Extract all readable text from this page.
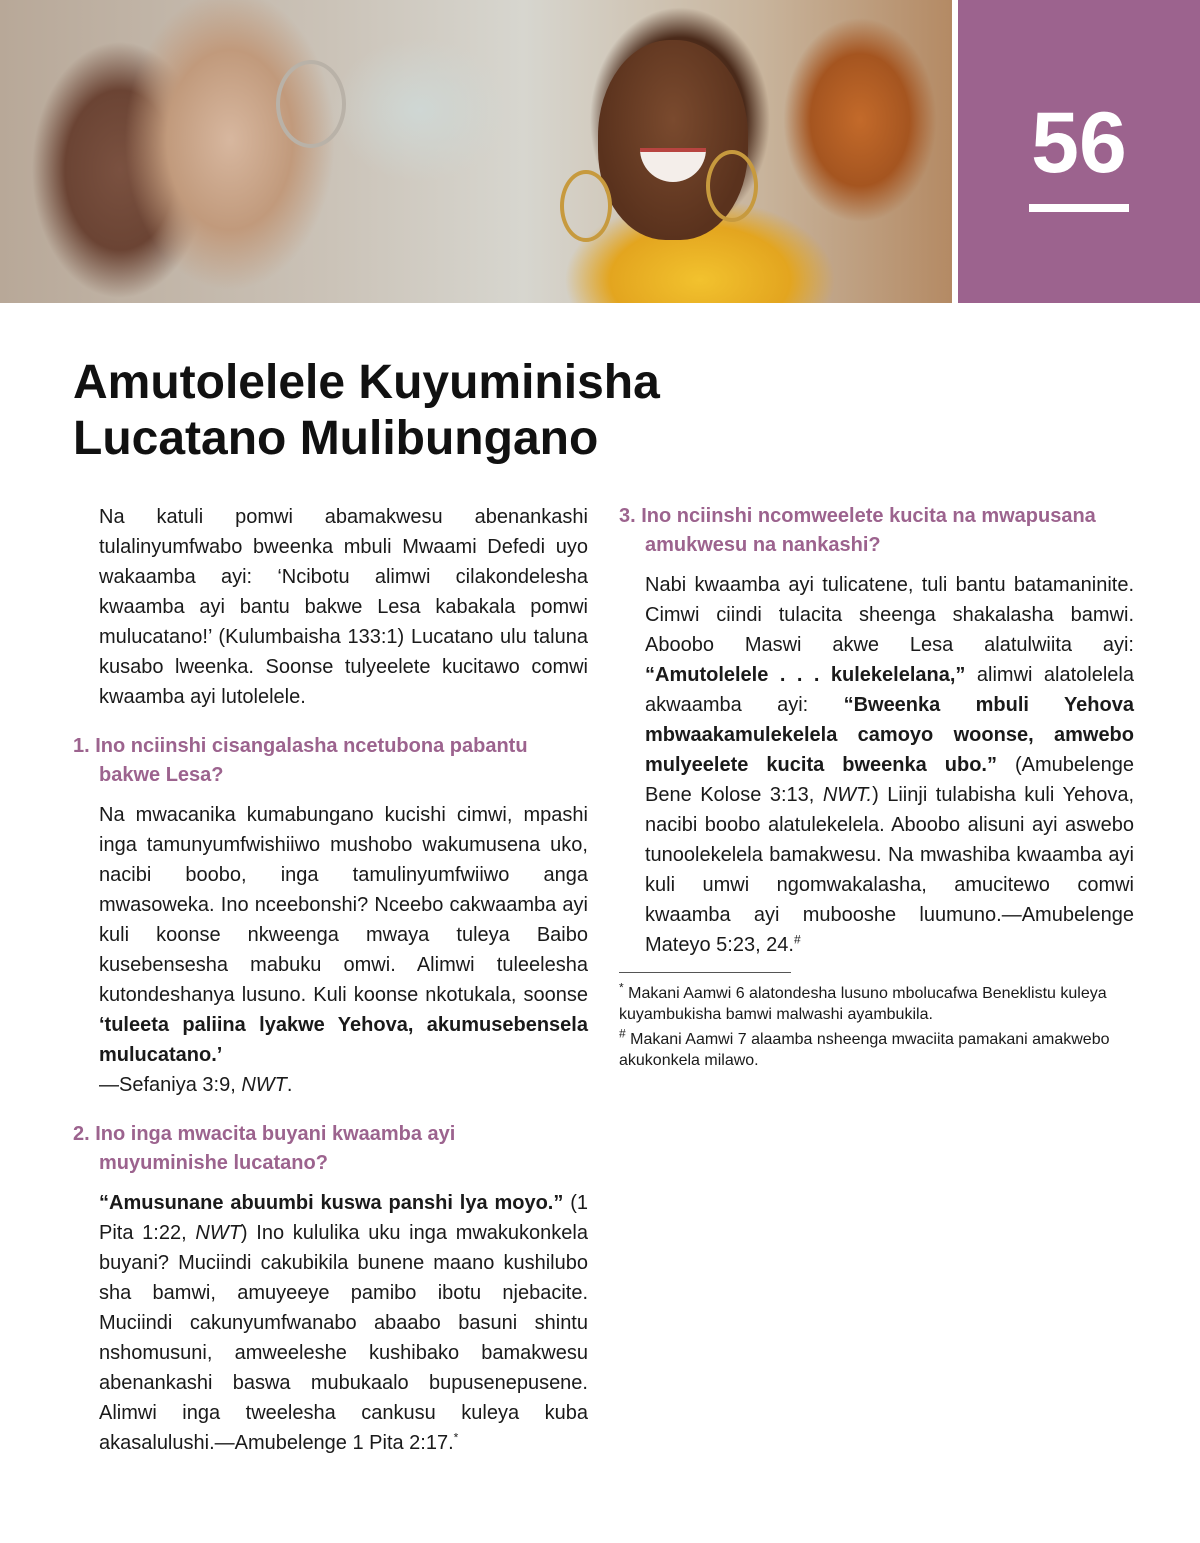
56
Amutolelele Kuyuminisha
Lucatano Mulibungano

Na katuli pomwi abamakwesu abenankashi tulalinyumfwabo bweenka mbuli Mwaami Defedi uyo wakaamba ayi: ‘Ncibotu alimwi cilakondelesha kwaamba ayi bantu bakwe Lesa kabakala pomwi mulucatano!’ (Kulumbaisha 133:1) Lucatano ulu taluna kusabo lweenka. Soonse tulyeelete kucitawo comwi kwaamba ayi lutolelele.

1. Ino nciinshi cisangalasha ncetubona pabantu bakwe Lesa?

Na mwacanika kumabungano kucishi cimwi, mpashi inga tamunyumfwishiiwo mushobo wakumusena uko, nacibi boobo, inga tamulinyumfwiiwo anga mwasoweka. Ino nceebonshi? Nceebo cakwaamba ayi kuli koonse nkweenga mwaya tuleya Baibo kusebensesha mabuku omwi. Alimwi tuleelesha kutondeshanya lusuno. Kuli koonse nkotukala, soonse ‘tuleeta paliina lyakwe Yehova, akumusebensela mulucatano.’
—Sefaniya 3:9, NWT.

2. Ino inga mwacita buyani kwaamba ayi muyuminishe lucatano?

“Amusunane abuumbi kuswa panshi lya moyo.” (1 Pita 1:22, NWT) Ino kululika uku inga mwakukonkela buyani? Muciindi cakubikila bunene maano kushilubo sha bamwi, amuyeeye pamibo ibotu njebacite. Muciindi cakunyumfwanabo abaabo basuni shintu nshomusuni, amweeleshe kushibako bamakwesu abenankashi baswa mubukaalo bupusenepusene. Alimwi inga tweelesha cankusu kuleya kuba akasalulushi.—Amubelenge 1 Pita 2:17.*

3. Ino nciinshi ncomweelete kucita na mwapusana amukwesu na nankashi?

Nabi kwaamba ayi tulicatene, tuli bantu batamaninite. Cimwi ciindi tulacita sheenga shakalasha bamwi. Aboobo Maswi akwe Lesa alatulwiita ayi: “Amutolelele . . . kulekelelana,” alimwi alatolelela akwaamba ayi: “Bweenka mbuli Yehova mbwaakamulekelela camoyo woonse, amwebo mulyeelete kucita bweenka ubo.” (Amubelenge Bene Kolose 3:13, NWT.) Liinji tulabisha kuli Yehova, nacibi boobo alatulekelela. Aboobo alisuni ayi aswebo tunoolekelela bamakwesu. Na mwashiba kwaamba ayi kuli umwi ngomwakalasha, amucitewo comwi kwaamba ayi mubooshe luumuno.—Amubelenge Mateyo 5:23, 24.#

* Makani Aamwi 6 alatondesha lusuno mbolucafwa Beneklistu kuleya kuyambukisha bamwi malwashi ayambukila.

# Makani Aamwi 7 alaamba nsheenga mwaciita pamakani amakwebo akukonkela milawo.
